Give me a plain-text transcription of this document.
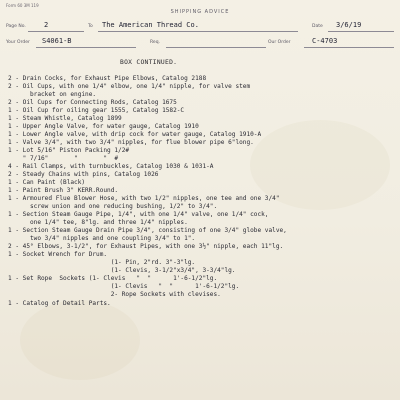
Form 60 3M 119
SHIPPING ADVICE
Page No.	2	To The American Thread Co.	Date 3/6/19
Your Order S4061-B	Req.	Our Order	C-4703
BOX CONTINUED.
2 - Drain Cocks, for Exhaust Pipe Elbows, Catalog 2188
2 - Oil Cups, with one 1/4" elbow, one 1/4" nipple, for valve stem
bracket on engine.
2 - Oil Cups for Connecting Rods, Catalog 1675
1 - Oil Cup for oiling gear 1555, Catalog 1582-C
1 - Steam Whistle, Catalog 1899
1 - Upper Angle Valve, for water gauge, Catalog 1910
1 - Lower Angle valve, with drip cock for water gauge, Catalog 1910-A
1 - Valve 3/4", with two 3/4" nipples, for flue blower pipe 6"long.
1 - Lot 5/16" Piston Packing 1/2#
" 7/16"       "       "  #
4 - Rail Clamps, with turnbuckles, Catalog 1030 & 1031-A
2 - Steady Chains with pins, Catalog 1026
1 - Can Paint (Black)
1 - Paint Brush 3" KERR.Round.
1 - Armoured Flue Blower Hose, with two 1/2" nipples, one tee and one 3/4"
screw union and one reducing bushing, 1/2" to 3/4".
1 - Section Steam Gauge Pipe, 1/4", with one 1/4" valve, one 1/4" cock,
one 1/4" tee, 8"lg. and three 1/4" nipples.
1 - Section Steam Gauge Drain Pipe 3/4", consisting of one 3/4" globe valve,
two 3/4" nipples and one coupling 3/4" to 1".
2 - 45° Elbows, 3-1/2", for Exhaust Pipes, with one 3½" nipple, each 11"lg.
1 - Socket Wrench for Drum.
(1- Pin, 2"rd. 3"-3"lg.
(1- Clevis, 3-1/2"x3/4", 3-3/4"lg.
1 - Set Rope  Sockets (1- Clevis   "  "      1'-6-1/2"lg.
(1- Clevis   "  "      1'-6-1/2"lg.
2- Rope Sockets with clevises.
1 - Catalog of Detail Parts.
